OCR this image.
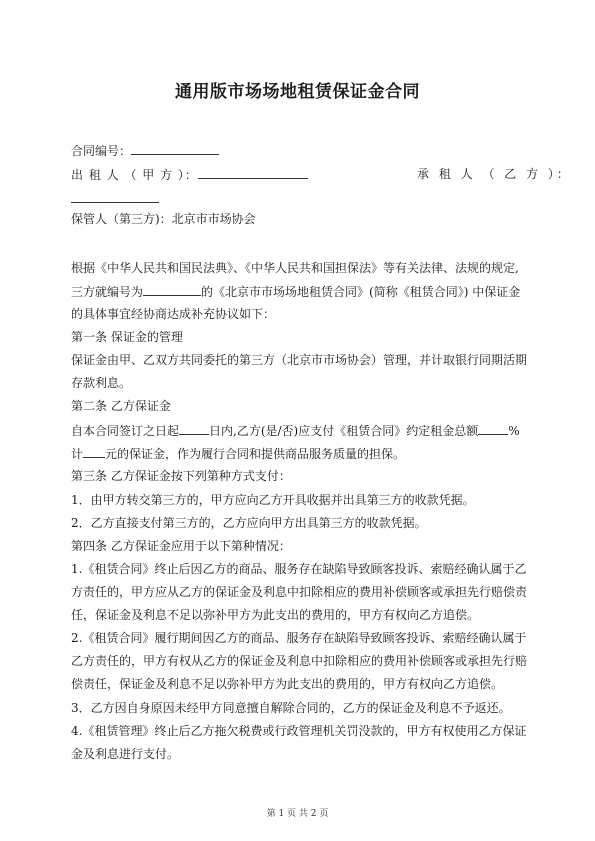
通用版市场场地租赁保证金合同
合同编号：
出 租 人 （ 甲 方 ）：	承 租 人 （ 乙 方 ）：
保管人（第三方)：北京市市场协会
根据《中华人民共和国民法典》、《中华人民共和国担保法》等有关法律、法规的规定,
三方就编号为	的《北京市市场场地租赁合同》(简称《租赁合同》) 中保证金
的具体事宜经协商达成补充协议如下：
第一条 保证金的管理
保证金由甲、乙双方共同委托的第三方（北京市市场协会）管理，并计取银行同期活期
存款利息。
第二条 乙方保证金
自本合同签订之日起	日内,乙方(是/否)应支付《租赁合同》约定租金总额	%
计 元的保证金，作为履行合同和提供商品服务质量的担保。
第三条 乙方保证金按下列第种方式支付：
1．由甲方转交第三方的，甲方应向乙方开具收据并出具第三方的收款凭据。
2．乙方直接支付第三方的，乙方应向甲方出具第三方的收款凭据。
第四条 乙方保证金应用于以下第种情况：
1.《租赁合同》终止后因乙方的商品、服务存在缺陷导致顾客投诉、索赔经确认属于乙
方责任的，甲方应从乙方的保证金及利息中扣除相应的费用补偿顾客或承担先行赔偿责
任，保证金及利息不足以弥补甲方为此支出的费用的，甲方有权向乙方追偿。
2.《租赁合同》履行期间因乙方的商品、服务存在缺陷导致顾客投诉、索赔经确认属于
乙方责任的，甲方有权从乙方的保证金及利息中扣除相应的费用补偿顾客或承担先行赔
偿责任，保证金及利息不足以弥补甲方为此支出的费用的，甲方有权向乙方追偿。
3．乙方因自身原因未经甲方同意擅自解除合同的，乙方的保证金及利息不予返还。
4.《租赁管理》终止后乙方拖欠税费或行政管理机关罚没款的，甲方有权使用乙方保证
金及利息进行支付。
第 1 页 共 2 页
